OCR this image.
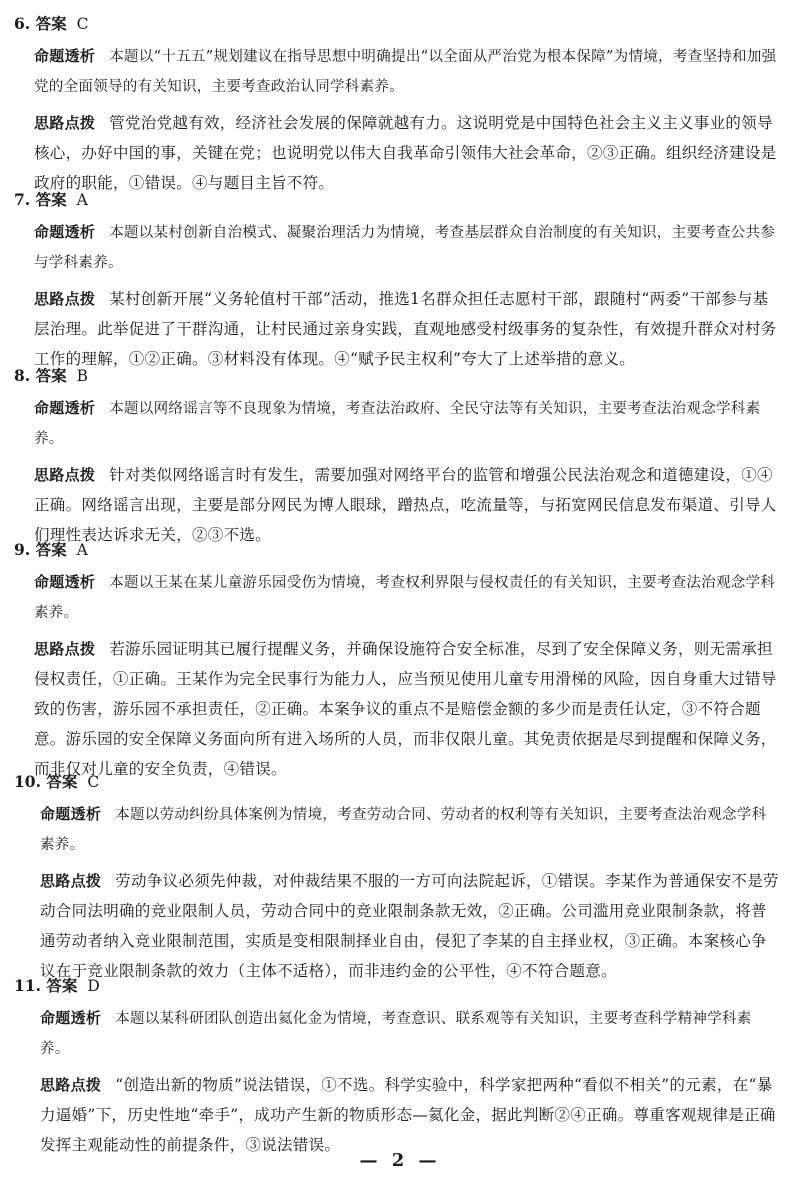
6. 答案 C
命题透析 本题以“十五五”规划建议在指导思想中明确提出“以全面从严治党为根本保障”为情境，考查坚持和加强党的全面领导的有关知识，主要考查政治认同学科素养。
思路点拨 管党治党越有效，经济社会发展的保障就越有力。这说明党是中国特色社会主义主义事业的领导核心，办好中国的事，关键在党；也说明党以伟大自我革命引领伟大社会革命，②③正确。组织经济建设是政府的职能，①错误。④与题目主旨不符。
7. 答案 A
命题透析 本题以某村创新自治模式、凝聚治理活力为情境，考查基层群众自治制度的有关知识，主要考查公共参与学科素养。
思路点拨 某村创新开展“义务轮值村干部”活动，推选1名群众担任志愿村干部，跟随村“两委”干部参与基层治理。此举促进了干群沟通，让村民通过亲身实践，直观地感受村级事务的复杂性，有效提升群众对村务工作的理解，①②正确。③材料没有体现。④“赋予民主权利”夸大了上述举措的意义。
8. 答案 B
命题透析 本题以网络谣言等不良现象为情境，考查法治政府、全民守法等有关知识，主要考查法治观念学科素养。
思路点拨 针对类似网络谣言时有发生，需要加强对网络平台的监管和增强公民法治观念和道德建设，①④正确。网络谣言出现，主要是部分网民为博人眼球，蹭热点，吃流量等，与拓宽网民信息发布渠道、引导人们理性表达诉求无关，②③不选。
9. 答案 A
命题透析 本题以王某在某儿童游乐园受伤为情境，考查权利界限与侵权责任的有关知识，主要考查法治观念学科素养。
思路点拨 若游乐园证明其已履行提醒义务，并确保设施符合安全标准，尽到了安全保障义务，则无需承担侵权责任，①正确。王某作为完全民事行为能力人，应当预见使用儿童专用滑梯的风险，因自身重大过错导致的伤害，游乐园不承担责任，②正确。本案争议的重点不是赔偿金额的多少而是责任认定，③不符合题意。游乐园的安全保障义务面向所有进入场所的人员，而非仅限儿童。其免责依据是尽到提醒和保障义务，而非仅对儿童的安全负责，④错误。
10. 答案 C
命题透析 本题以劳动纠纷具体案例为情境，考查劳动合同、劳动者的权利等有关知识，主要考查法治观念学科素养。
思路点拨 劳动争议必须先仲裁，对仲裁结果不服的一方可向法院起诉，①错误。李某作为普通保安不是劳动合同法明确的竞业限制人员，劳动合同中的竞业限制条款无效，②正确。公司滥用竞业限制条款，将普通劳动者纳入竞业限制范围，实质是变相限制择业自由，侵犯了李某的自主择业权，③正确。本案核心争议在于竞业限制条款的效力（主体不适格），而非违约金的公平性，④不符合题意。
11. 答案 D
命题透析 本题以某科研团队创造出氦化金为情境，考查意识、联系观等有关知识，主要考查科学精神学科素养。
思路点拨 “创造出新的物质”说法错误，①不选。科学实验中，科学家把两种“看似不相关”的元素，在“暴力逼婚”下，历史性地“牵手”，成功产生新的物质形态—氦化金，据此判断②④正确。尊重客观规律是正确发挥主观能动性的前提条件，③说法错误。
— 2 —
